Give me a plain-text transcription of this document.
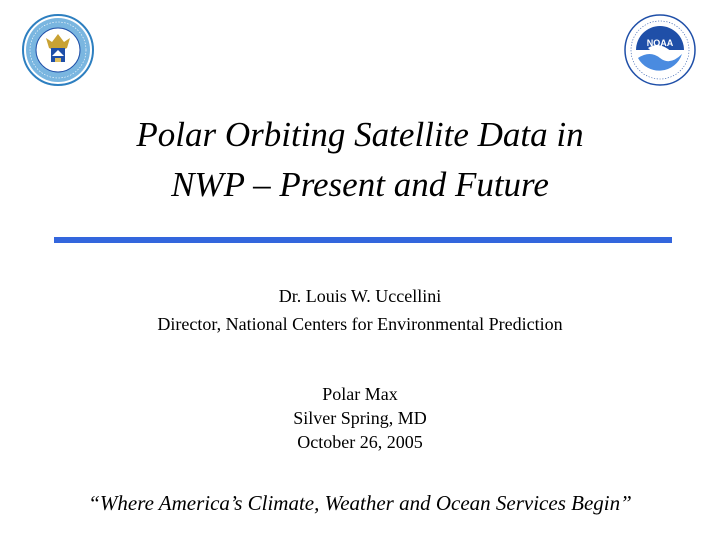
NOAA
Polar Orbiting Satellite Data in
NWP – Present and Future
Dr. Louis W. Uccellini
Director, National Centers for Environmental Prediction
Polar Max
Silver Spring, MD
October 26, 2005
“Where America’s Climate, Weather and Ocean Services Begin”
